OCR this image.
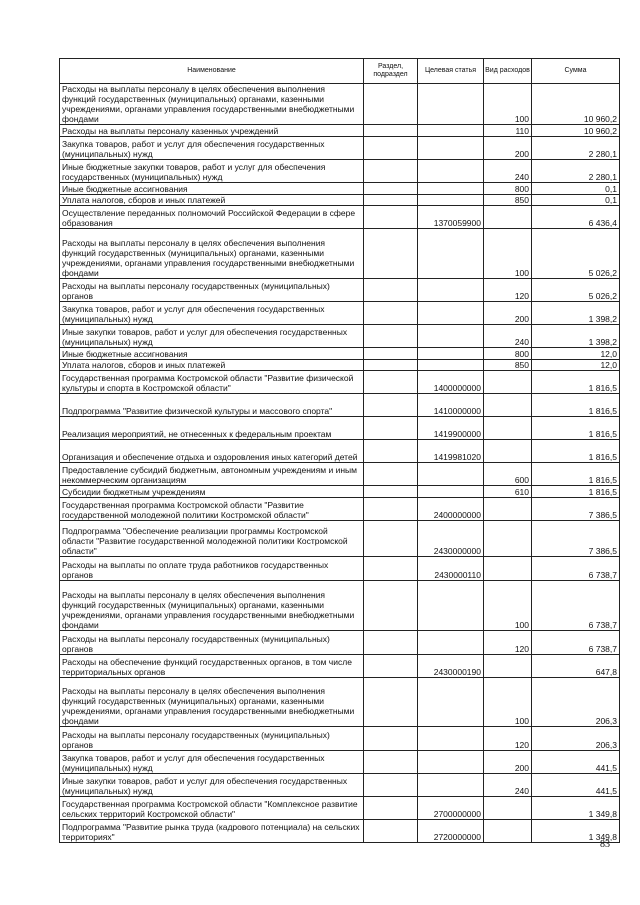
Наименование	Раздел, подраздел	Целевая статья	Вид расходов	Сумма
Расходы на выплаты персоналу в целях обеспечения выполнения функций государственных (муниципальных) органами, казенными учреждениями, органами управления государственными внебюджетными фондами			100	10 960,2
Расходы на выплаты персоналу казенных учреждений			110	10 960,2
Закупка товаров, работ и услуг для обеспечения государственных (муниципальных) нужд			200	2 280,1
Иные бюджетные закупки товаров, работ и услуг для обеспечения государственных (муниципальных) нужд			240	2 280,1
Иные бюджетные ассигнования			800	0,1
Уплата налогов, сборов и иных платежей			850	0,1
Осуществление переданных полномочий Российской Федерации в сфере образования		1370059900		6 436,4
Расходы на выплаты персоналу в целях обеспечения выполнения функций государственных (муниципальных) органами, казенными учреждениями, органами управления государственными внебюджетными фондами			100	5 026,2
Расходы на выплаты персоналу государственных (муниципальных) органов			120	5 026,2
Закупка товаров, работ и услуг для обеспечения государственных (муниципальных) нужд			200	1 398,2
Иные закупки товаров, работ и услуг для обеспечения государственных (муниципальных) нужд			240	1 398,2
Иные бюджетные ассигнования			800	12,0
Уплата налогов, сборов и иных платежей			850	12,0
Государственная программа Костромской области "Развитие физической культуры и спорта в Костромской области"		1400000000		1 816,5
Подпрограмма "Развитие физической культуры и массового спорта"		1410000000		1 816,5
Реализация мероприятий, не отнесенных к федеральным проектам		1419900000		1 816,5
Организация и обеспечение отдыха и оздоровления иных категорий детей		1419981020		1 816,5
Предоставление субсидий бюджетным, автономным учреждениям и иным некоммерческим организациям			600	1 816,5
Субсидии бюджетным учреждениям			610	1 816,5
Государственная программа Костромской области "Развитие государственной молодежной политики Костромской области"		2400000000		7 386,5
Подпрограмма "Обеспечение реализации программы Костромской области "Развитие государственной молодежной политики Костромской области"		2430000000		7 386,5
Расходы на выплаты по оплате труда работников государственных органов		2430000110		6 738,7
Расходы на выплаты персоналу в целях обеспечения выполнения функций государственных (муниципальных) органами, казенными учреждениями, органами управления государственными внебюджетными фондами			100	6 738,7
Расходы на выплаты персоналу государственных (муниципальных) органов			120	6 738,7
Расходы на обеспечение функций государственных органов, в том числе территориальных органов		2430000190		647,8
Расходы на выплаты персоналу в целях обеспечения выполнения функций государственных (муниципальных) органами, казенными учреждениями, органами управления государственными внебюджетными фондами			100	206,3
Расходы на выплаты персоналу государственных (муниципальных) органов			120	206,3
Закупка товаров, работ и услуг для обеспечения государственных (муниципальных) нужд			200	441,5
Иные закупки товаров, работ и услуг для обеспечения государственных (муниципальных) нужд			240	441,5
Государственная программа Костромской области "Комплексное развитие сельских территорий Костромской области"		2700000000		1 349,8
Подпрограмма "Развитие рынка труда (кадрового потенциала) на сельских территориях"		2720000000		1 349,8
83
